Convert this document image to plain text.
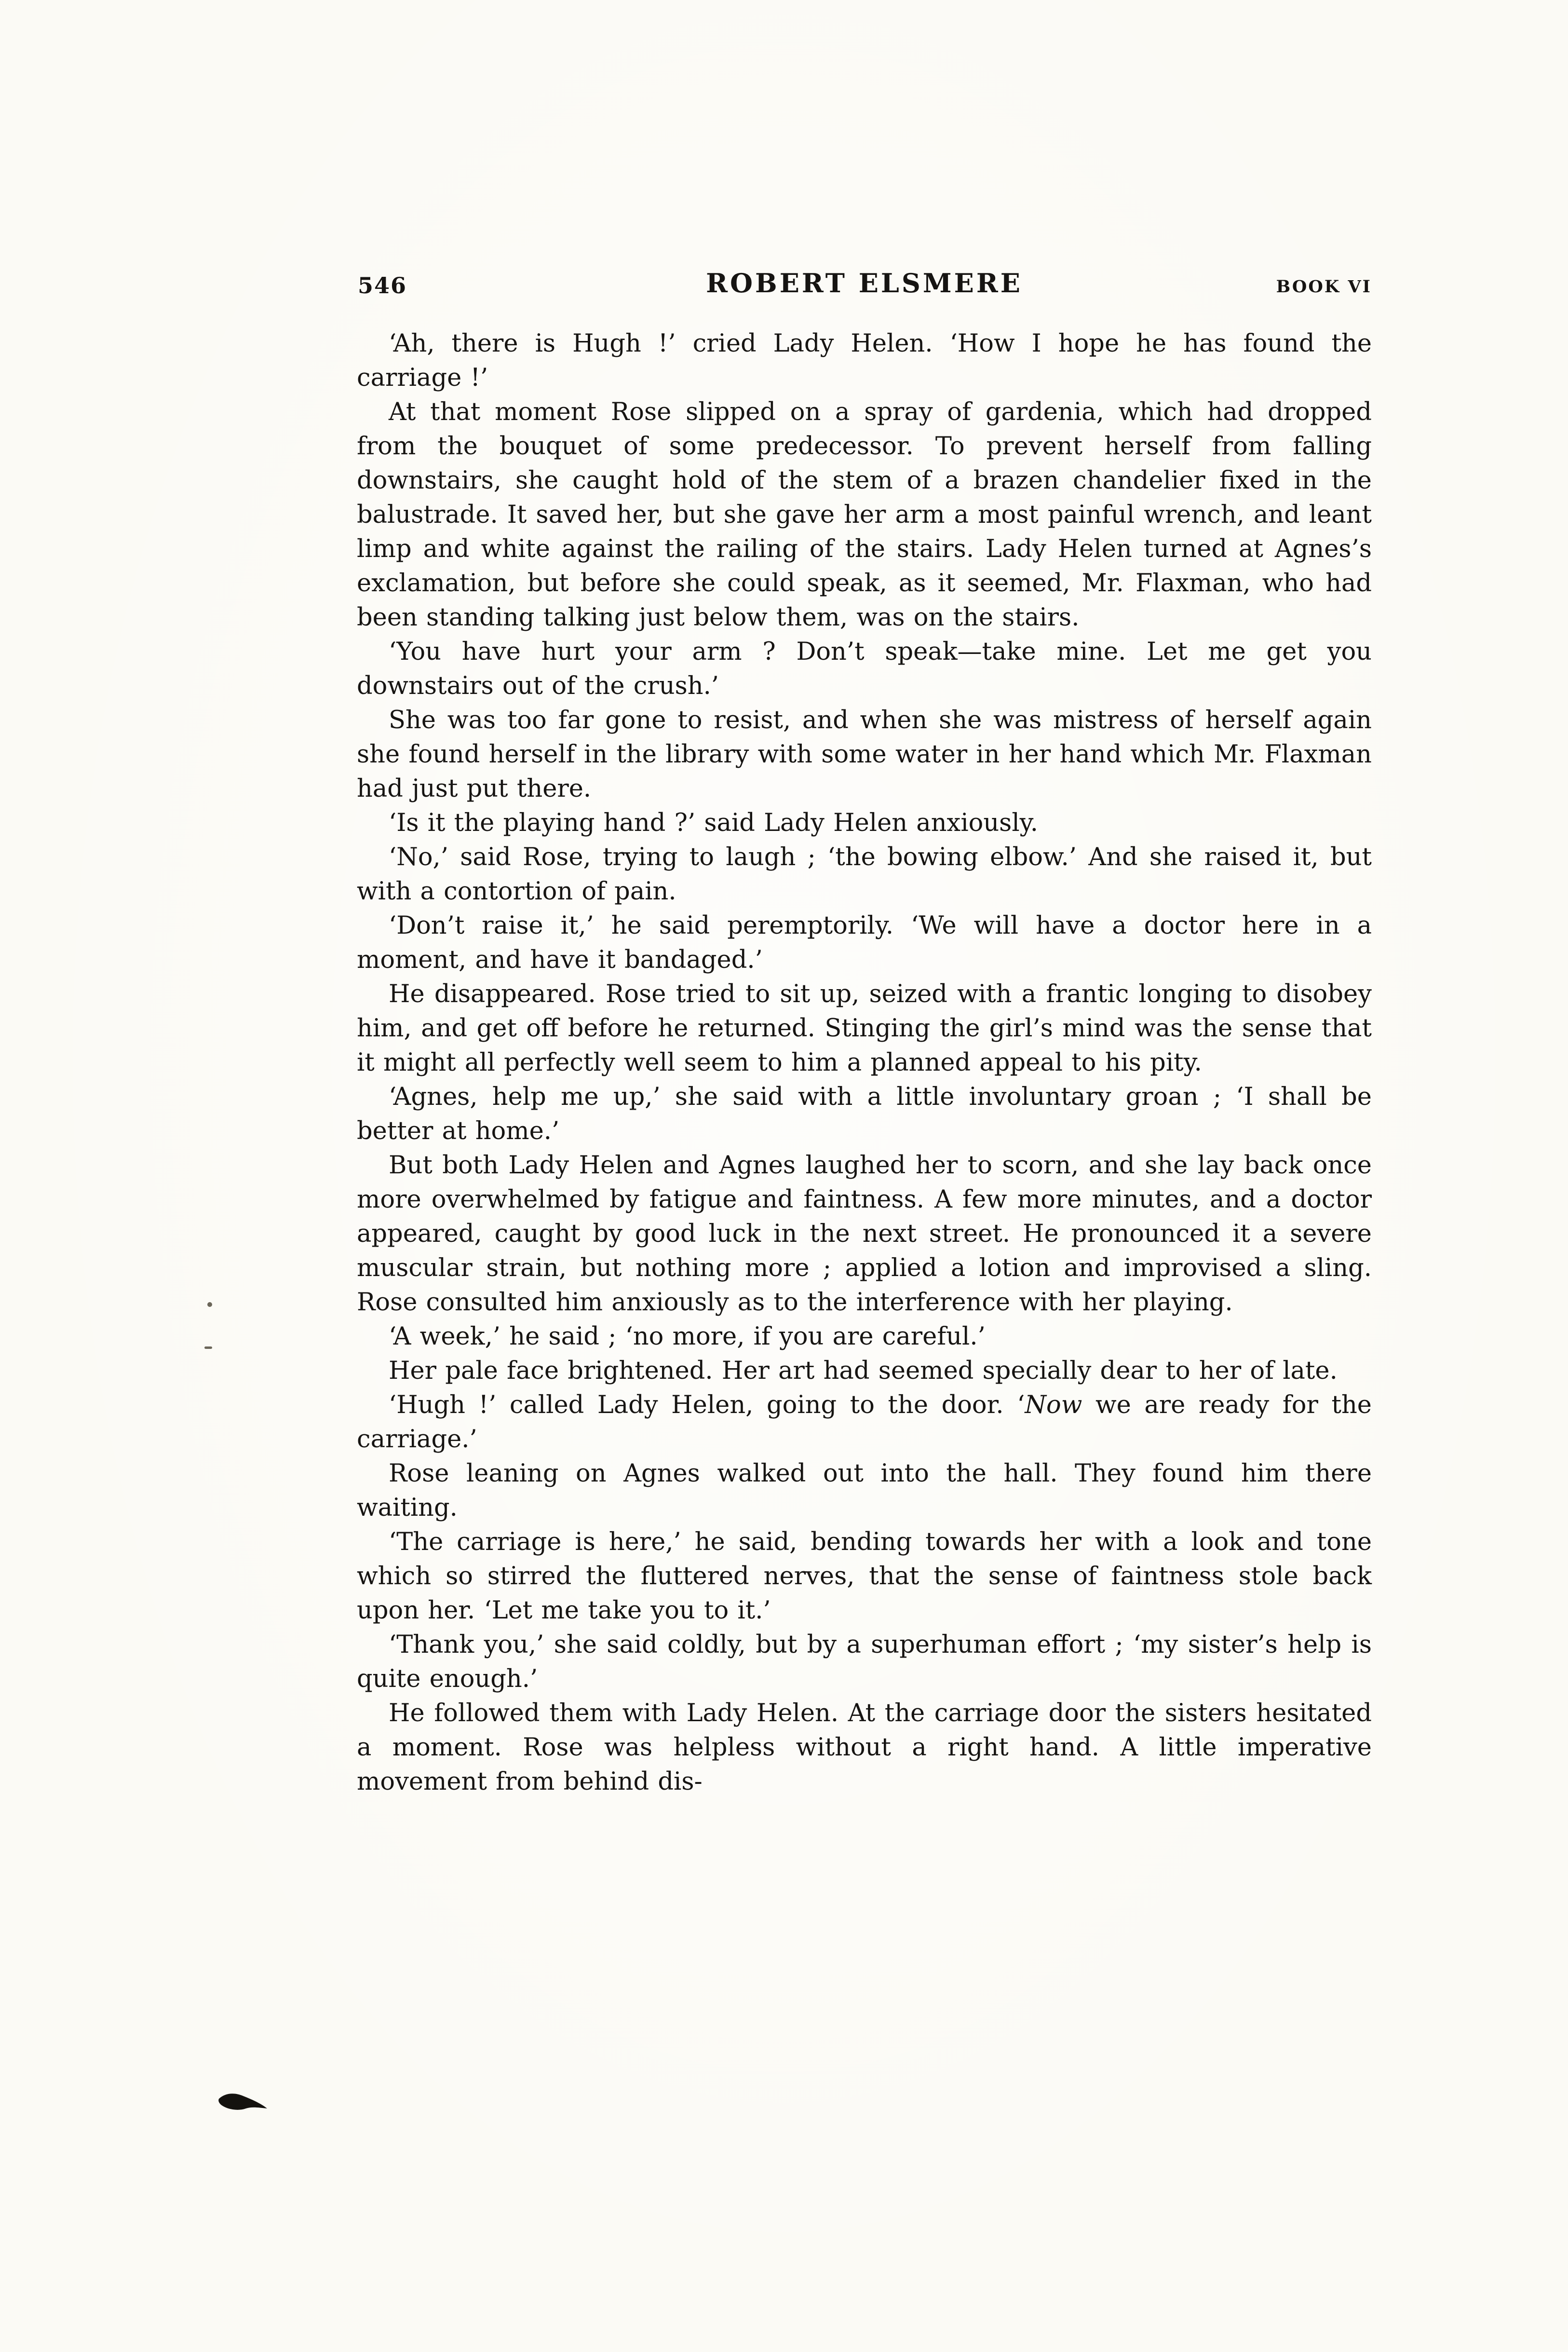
546	ROBERT ELSMERE	BOOK VI

‘Ah, there is Hugh !’ cried Lady Helen. ‘How I hope he has found the carriage !’

At that moment Rose slipped on a spray of gardenia, which had dropped from the bouquet of some predecessor. To prevent herself from falling downstairs, she caught hold of the stem of a brazen chandelier fixed in the balustrade. It saved her, but she gave her arm a most painful wrench, and leant limp and white against the railing of the stairs. Lady Helen turned at Agnes’s exclamation, but before she could speak, as it seemed, Mr. Flaxman, who had been standing talking just below them, was on the stairs.

‘You have hurt your arm ? Don’t speak—take mine. Let me get you downstairs out of the crush.’

She was too far gone to resist, and when she was mistress of herself again she found herself in the library with some water in her hand which Mr. Flaxman had just put there.

‘Is it the playing hand ?’ said Lady Helen anxiously.

‘No,’ said Rose, trying to laugh ; ‘the bowing elbow.’ And she raised it, but with a contortion of pain.

‘Don’t raise it,’ he said peremptorily. ‘We will have a doctor here in a moment, and have it bandaged.’

He disappeared. Rose tried to sit up, seized with a frantic longing to disobey him, and get off before he returned. Stinging the girl’s mind was the sense that it might all perfectly well seem to him a planned appeal to his pity.

‘Agnes, help me up,’ she said with a little involuntary groan ; ‘I shall be better at home.’

But both Lady Helen and Agnes laughed her to scorn, and she lay back once more overwhelmed by fatigue and faintness. A few more minutes, and a doctor appeared, caught by good luck in the next street. He pronounced it a severe muscular strain, but nothing more ; applied a lotion and improvised a sling. Rose consulted him anxiously as to the interference with her playing.

‘A week,’ he said ; ‘no more, if you are careful.’

Her pale face brightened. Her art had seemed specially dear to her of late.

‘Hugh !’ called Lady Helen, going to the door. ‘Now we are ready for the carriage.’

Rose leaning on Agnes walked out into the hall. They found him there waiting.

‘The carriage is here,’ he said, bending towards her with a look and tone which so stirred the fluttered nerves, that the sense of faintness stole back upon her. ‘Let me take you to it.’

‘Thank you,’ she said coldly, but by a superhuman effort ; ‘my sister’s help is quite enough.’

He followed them with Lady Helen. At the carriage door the sisters hesitated a moment. Rose was helpless without a right hand. A little imperative movement from behind dis-
